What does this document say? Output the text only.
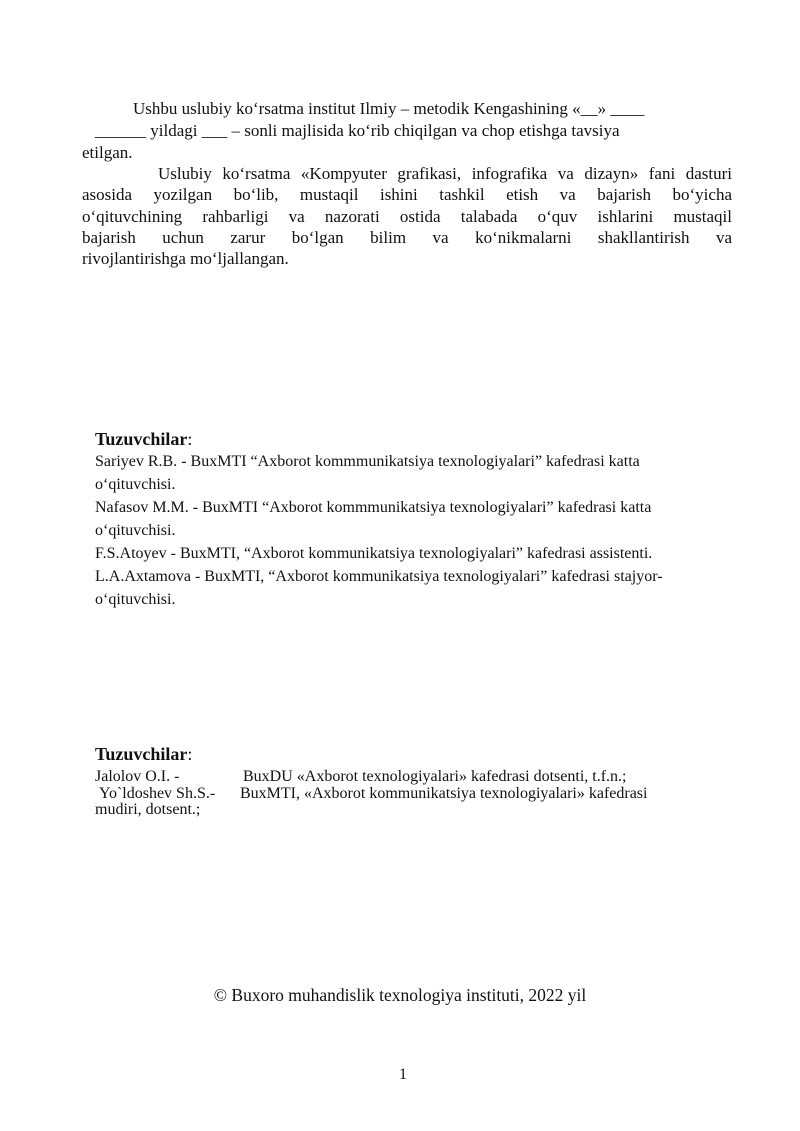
Ushbu uslubiy ko‘rsatma institut Ilmiy – metodik Kengashining «__» ____
______ yildagi ___ – sonli majlisida ko‘rib chiqilgan va chop etishga tavsiya
etilgan.
Uslubiy ko‘rsatma «Kompyuter grafikasi, infografika va dizayn» fani dasturi
asosida yozilgan bo‘lib, mustaqil ishini tashkil etish va bajarish bo‘yicha
o‘qituvchining rahbarligi va nazorati ostida talabada o‘quv ishlarini mustaqil
bajarish uchun zarur bo‘lgan bilim va ko‘nikmalarni shakllantirish va
rivojlantirishga mo‘ljallangan.
Tuzuvchilar:
Sariyev R.B. - BuxMTI “Axborot kommmunikatsiya texnologiyalari” kafedrasi katta
o‘qituvchisi.
Nafasov M.M. - BuxMTI “Axborot kommmunikatsiya texnologiyalari” kafedrasi katta
o‘qituvchisi.
F.S.Atoyev - BuxMTI, “Axborot kommunikatsiya texnologiyalari” kafedrasi assistenti.
L.A.Axtamova - BuxMTI, “Axborot kommunikatsiya texnologiyalari” kafedrasi stajyor-
o‘qituvchisi.
Tuzuvchilar:
Jalolov O.I. -	BuxDU «Axborot texnologiyalari» kafedrasi dotsenti, t.f.n.;
Yo`ldoshev Sh.S.- BuxMTI, «Axborot kommunikatsiya texnologiyalari» kafedrasi
mudiri, dotsent.;
© Buxoro muhandislik texnologiya instituti, 2022 yil
1
